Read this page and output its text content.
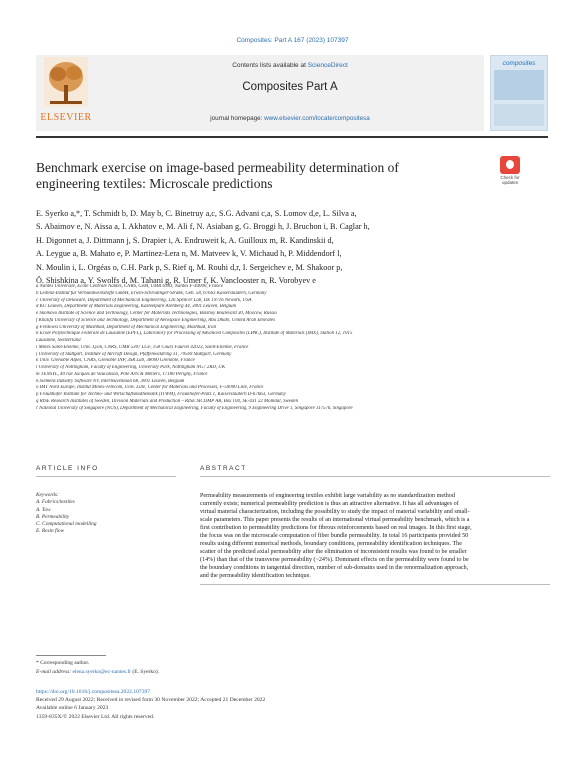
Composites: Part A 167 (2023) 107397
ELSEVIER
Contents lists available at ScienceDirect
Composites Part A
journal homepage: www.elsevier.com/locate/compositesa
composites
Benchmark exercise on image-based permeability determination of
engineering textiles: Microscale predictions	Check for
updates
E. Syerko a,*, T. Schmidt b, D. May b, C. Binetruy a,c, S.G. Advani c,a, S. Lomov d,e, L. Silva a,
S. Abaimov e, N. Aissa a, I. Akhatov e, M. Ali f, N. Asiaban g, G. Broggi h, J. Bruchon i, B. Caglar h,
H. Digonnet a, J. Dittmann j, S. Drapier i, A. Endruweit k, A. Guilloux m, R. Kandinskii d,
A. Leygue a, B. Mahato e, P. Martinez-Lera n, M. Matveev k, V. Michaud h, P. Middendorf l,
N. Moulin i, L. Orgéas o, C.H. Park p, S. Rief q, M. Rouhi d,r, I. Sergeichev e, M. Shakoor p,
Ö. Shishkina a, Y. Swolfs d, M. Tahani g, R. Umer f, K. Vanclooster n, R. Vorobyev e
a Nantes Université, Ecole Centrale Nantes, CNRS, GeM, UMR 6183, Nantes F-44000, France
b Leibniz-Institut für Verbundwerkstoffe GmbH, Erwin-Schrödinger-Straße, Geb. 58, 67663 Kaiserslautern, Germany
c University of Delaware, Department of Mechanical Engineering, 126 Spencer Lab, DE 19716 Newark, USA
d KU Leuven, Department of Materials Engineering, Kasteelpark Arenberg 44, 3001 Leuven, Belgium
e Skolkovo Institute of Science and Technology, Center for Materials Technologies, Bolshoy Boulevard 30, Moscow, Russia
f Khalifa University of Science and Technology, Department of Aerospace Engineering, Abu Dhabi, United Arab Emirates
g Ferdowsi University of Mashhad, Department of Mechanical Engineering, Mashhad, Iran
h Ecole Polytechnique Fédérale de Lausanne (EPFL), Laboratory for Processing of Advanced Composites (LPAC), Institute of Materials (IMX), Station 12, 1015
Lausanne, Switzerland
i Mines Saint-Etienne, Univ. Lyon, CNRS, UMR 5307 LGF, 158 Cours Fauriel 42023, Saint-Etienne, France
j University of Stuttgart, Institute of Aircraft Design, Pfaffenwaldring 31, 70569 Stuttgart, Germany
k Univ. Grenoble Alpes, CNRS, Grenoble INP, 3SR Lab, 38000 Grenoble, France
l University of Nottingham, Faculty of Engineering, University Park, Nottingham NG7 2RD, UK
m TENSYL, 40 rue Jacques de Vaucanson, Pôle Arts & Métiers, 17180 Périgny, France
n Siemens Industry Software NV, Interleuvenlaan 68, 3001 Leuven, Belgium
o IMT Nord Europe, Institut Mines-Télécom, Univ. Lille, Center for Materials and Processes, F-59000 Lille, France
p Fraunhofer Institute for Techno- und Wirtschaftsmathematik (ITWM), Fraunhofer-Platz 1, Kaiserslautern D-67663, Germany
q RISE Research Institutes of Sweden, Division Materials and Production – RISE SICOMP AB, Box 104, SE-431 22 Mölndal, Sweden
r National University of Singapore (NUS), Department of Mechanical Engineering, Faculty of Engineering, 9 Engineering Drive 1, Singapore 117576, Singapore
ARTICLE INFO	ABSTRACT
Keywords:
A. Fabrics/textiles
A. Tow
B. Permeability
C. Computational modelling
E. Resin flow
Permeability measurements of engineering textiles exhibit large variability as no standardization method
currently exists; numerical permeability prediction is thus an attractive alternative. It has all advantages of
virtual material characterization, including the possibility to study the impact of material variability and small-
scale parameters. This paper presents the results of an international virtual permeability benchmark, which is a
first contribution to permeability predictions for fibrous reinforcements based on real images. In this first stage,
the focus was on the microscale computation of fiber bundle permeability. In total 16 participants provided 50
results using different numerical methods, boundary conditions, permeability identification techniques. The
scatter of the predicted axial permeability after the elimination of inconsistent results was found to be smaller
(14%) than that of the transverse permeability (~24%). Dominant effects on the permeability were found to be
the boundary conditions in tangential direction, number of sub-domains used in the renormalization approach,
and the permeability identification technique.
* Corresponding author.
E-mail address: elena.syerko@ec-nantes.fr (E. Syerko).
https://doi.org/10.1016/j.compositesa.2022.107397
Received 29 August 2022; Received in revised form 30 November 2022; Accepted 21 December 2022
Available online 6 January 2023
1359-835X/© 2022 Elsevier Ltd. All rights reserved.
